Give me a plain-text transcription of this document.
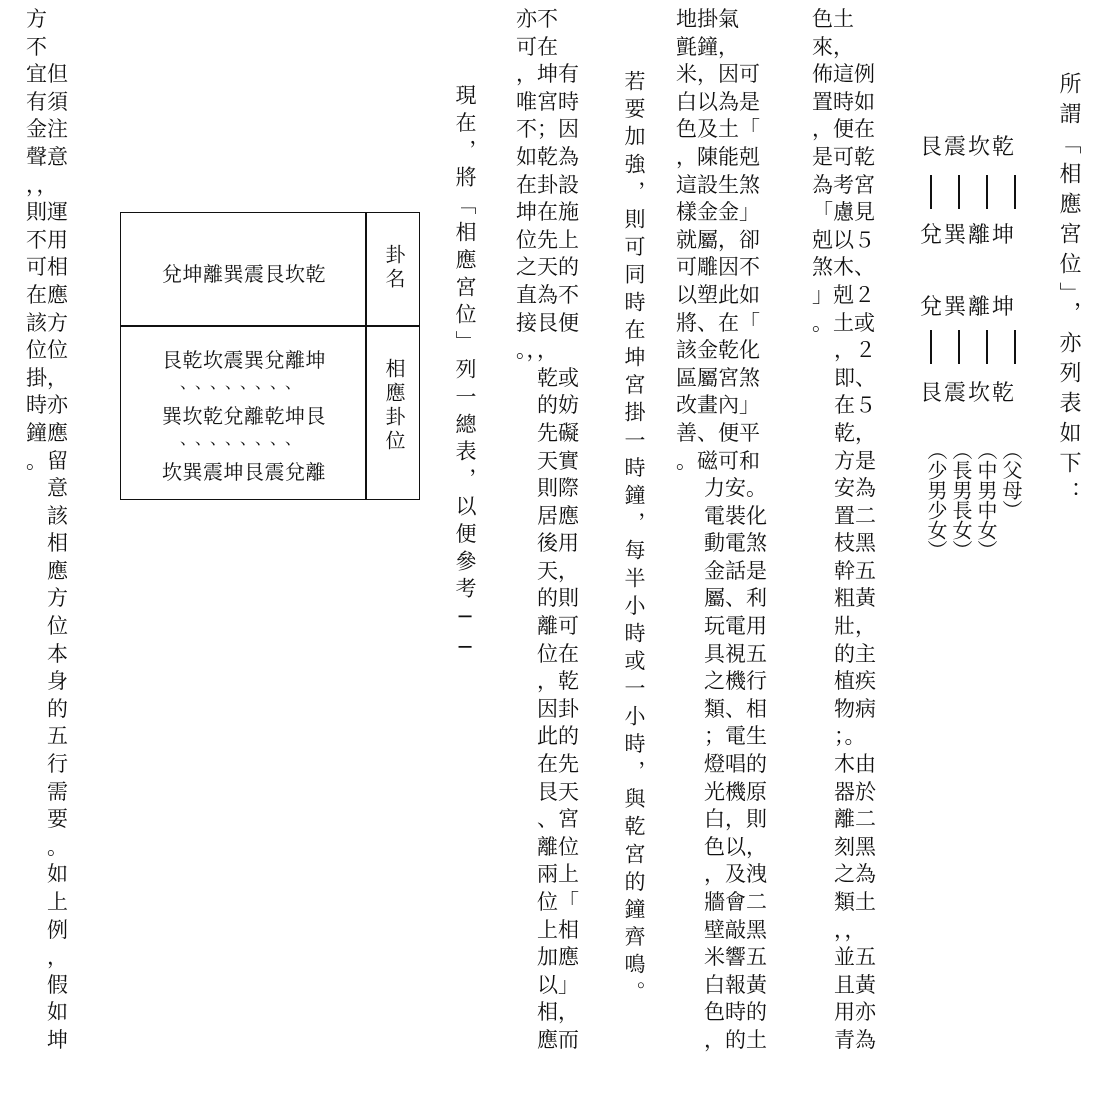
所謂「相應宮位」，亦列表如下：
艮震坎乾
兌巽離坤
兌巽離坤
艮震坎乾
︵父母︶
︵中男中女︶
︵長男長女︶
︵少男少女︶
色土
來，
佈這例
置時如
，便在
是可乾
為考宮
「慮見
剋以５
煞木、
」剋２
。土或
，２
即、
在５
乾，
方是
安為
置二
枝黑
幹五
粗黃
壯，
的主
植疾
物病
；。
木由
器於
離二
刻黑
之為
類土
，，
並五
且黃
用亦
青為
地掛氣
氈鐘，
米，因可
白以為是
色及土「
，陳能剋
這設生煞
樣金金」
就屬，卻
可雕因不
以塑此如
將、在「
該金乾化
區屬宮煞
改畫內」
善、便平
。磁可和
力安。
電裝化
動電煞
金話是
屬、利
玩電用
具視五
之機行
類、相
；電生
燈唱的
光機原
白，則
色以，
，及洩
牆會二
壁敲黑
米響五
白報黃
色時的
，的土
若要加強，則可同時在坤宮掛一時鐘，每半小時或一小時，與乾宮的鐘齊鳴。
亦不
可在
，坤有
唯宮時
不；因
如乾為
在卦設
坤在施
位先上
之天的
直為不
接艮便
。，，
　乾或
　的妨
　先礙
　天實
　則際
　居應
　後用
　天，
　的則
　離可
　位在
　，乾
　因卦
　此的
　在先
　艮天
　、宮
　離位
　兩上
　位「
　上相
　加應
　以」
　相，
　應而
現在，將「相應宮位」列一總表，以便參考──
卦名
相應卦位
兌坤離巽震艮坎乾
艮乾坎震巽兌離坤
、、、、、、、、
巽坎乾兌離乾坤艮
、、、、、、、、
坎巽震坤艮震兌離
方
不
宜但
有須
金注
聲意
，，
則運
不用
可相
在應
該方
位位
掛，
時亦
鐘應
。留
　意
　該
　相
　應
　方
　位
　本
　身
　的
　五
　行
　需
　要
　。
　如
　上
　例
　，
　假
　如
　坤
